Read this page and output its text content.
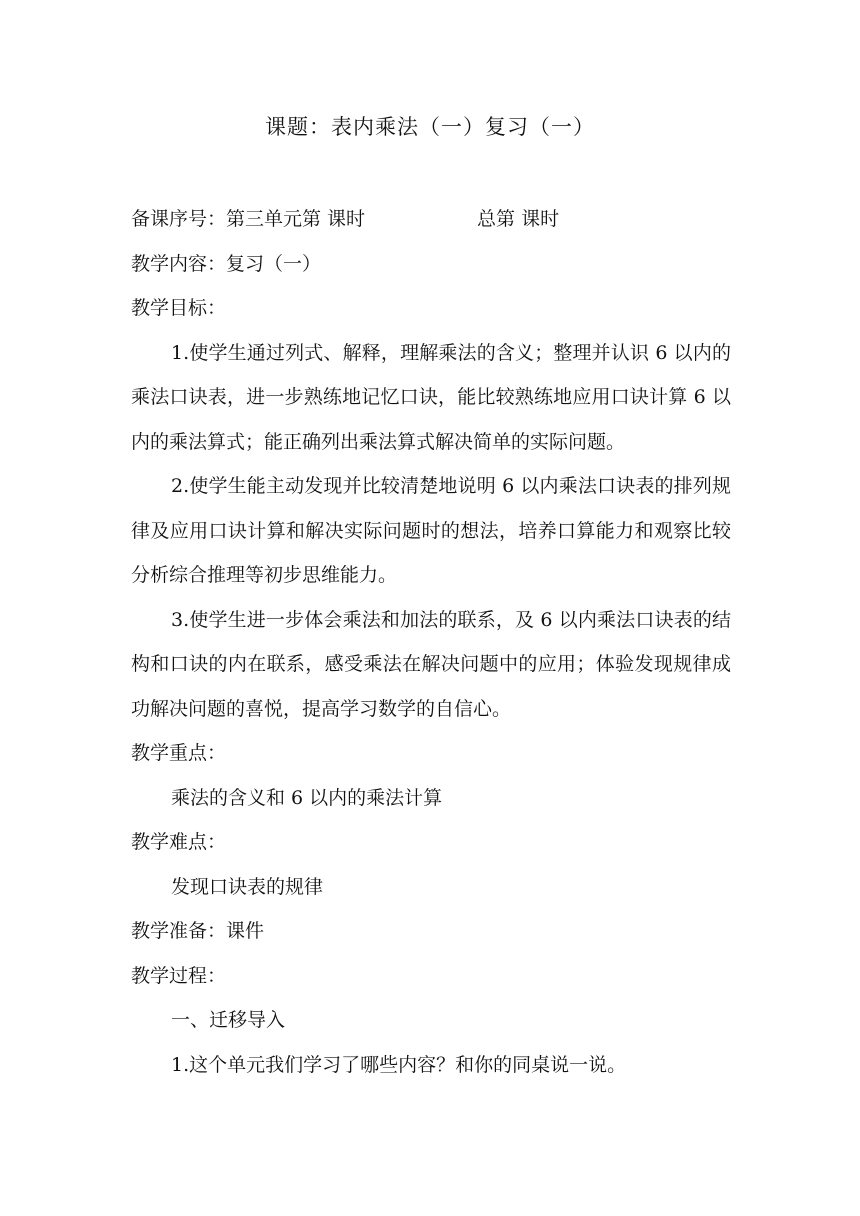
课题：表内乘法（一）复习（一）
备课序号：第三单元第 课时	总第 课时
教学内容：复习（一）
教学目标：
1.使学生通过列式、解释，理解乘法的含义；整理并认识 6 以内的乘法口诀表，进一步熟练地记忆口诀，能比较熟练地应用口诀计算 6 以内的乘法算式；能正确列出乘法算式解决简单的实际问题。
2.使学生能主动发现并比较清楚地说明 6 以内乘法口诀表的排列规律及应用口诀计算和解决实际问题时的想法，培养口算能力和观察比较分析综合推理等初步思维能力。
3.使学生进一步体会乘法和加法的联系，及 6 以内乘法口诀表的结构和口诀的内在联系，感受乘法在解决问题中的应用；体验发现规律成功解决问题的喜悦，提高学习数学的自信心。
教学重点：
乘法的含义和 6 以内的乘法计算
教学难点：
发现口诀表的规律
教学准备：课件
教学过程：
一、迁移导入
1.这个单元我们学习了哪些内容？和你的同桌说一说。
